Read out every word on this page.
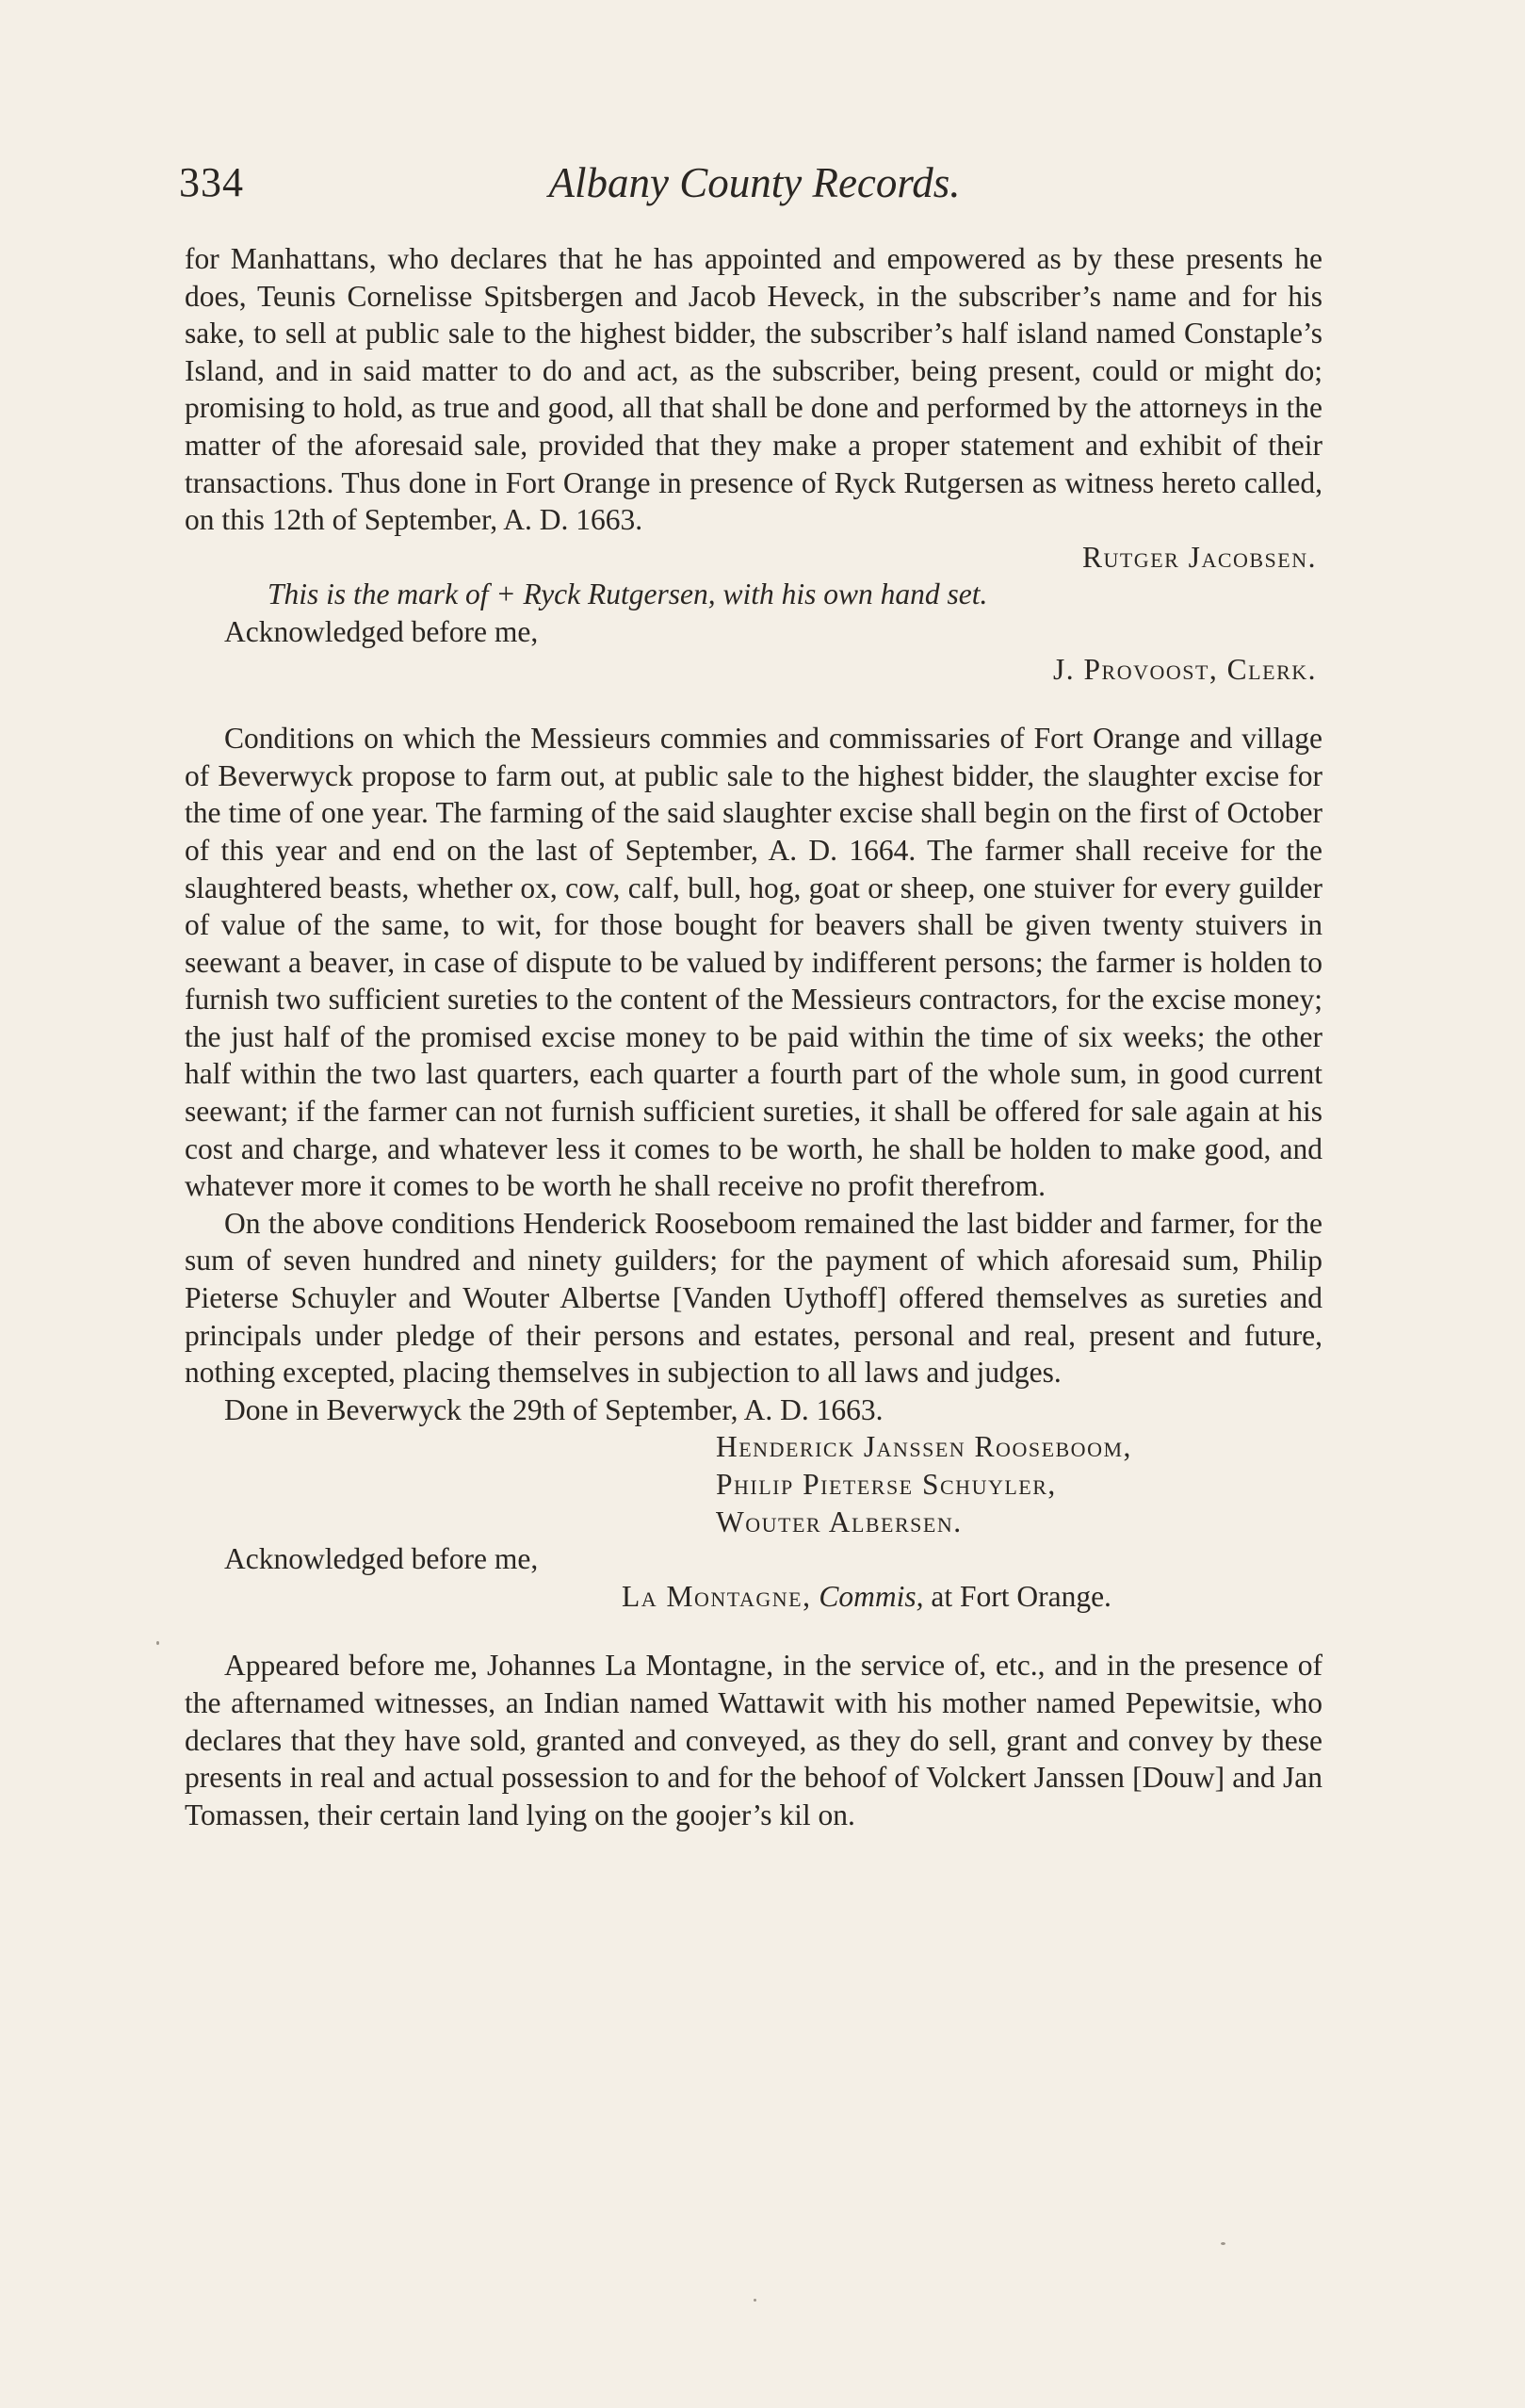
334	Albany County Records.

for Manhattans, who declares that he has appointed and empowered as by these presents he does, Teunis Cornelisse Spitsbergen and Jacob Heveck, in the subscriber’s name and for his sake, to sell at public sale to the highest bidder, the subscriber’s half island named Constaple’s Island, and in said matter to do and act, as the subscriber, being present, could or might do; promising to hold, as true and good, all that shall be done and performed by the attorneys in the matter of the aforesaid sale, provided that they make a proper statement and exhibit of their transactions. Thus done in Fort Orange in presence of Ryck Rutgersen as witness hereto called, on this 12th of September, A. D. 1663.

Rutger Jacobsen.

This is the mark of + Ryck Rutgersen, with his own hand set.

Acknowledged before me,

J. Provoost, Clerk.

Conditions on which the Messieurs commies and commissaries of Fort Orange and village of Beverwyck propose to farm out, at public sale to the highest bidder, the slaughter excise for the time of one year. The farming of the said slaughter excise shall begin on the first of October of this year and end on the last of September, A. D. 1664. The farmer shall receive for the slaughtered beasts, whether ox, cow, calf, bull, hog, goat or sheep, one stuiver for every guilder of value of the same, to wit, for those bought for beavers shall be given twenty stuivers in seewant a beaver, in case of dispute to be valued by indifferent persons; the farmer is holden to furnish two sufficient sureties to the content of the Messieurs contractors, for the excise money; the just half of the promised excise money to be paid within the time of six weeks; the other half within the two last quarters, each quarter a fourth part of the whole sum, in good current seewant; if the farmer can not furnish sufficient sureties, it shall be offered for sale again at his cost and charge, and whatever less it comes to be worth, he shall be holden to make good, and whatever more it comes to be worth he shall receive no profit therefrom.

On the above conditions Henderick Rooseboom remained the last bidder and farmer, for the sum of seven hundred and ninety guilders; for the payment of which aforesaid sum, Philip Pieterse Schuyler and Wouter Albertse [Vanden Uythoff] offered themselves as sureties and principals under pledge of their persons and estates, personal and real, present and future, nothing excepted, placing themselves in subjection to all laws and judges.

Done in Beverwyck the 29th of September, A. D. 1663.

Henderick Janssen Rooseboom,

Philip Pieterse Schuyler,

Wouter Albersen.

Acknowledged before me,

La Montagne, Commis, at Fort Orange.

Appeared before me, Johannes La Montagne, in the service of, etc., and in the presence of the afternamed witnesses, an Indian named Wattawit with his mother named Pepewitsie, who declares that they have sold, granted and conveyed, as they do sell, grant and convey by these presents in real and actual possession to and for the behoof of Volckert Janssen [Douw] and Jan Tomassen, their certain land lying on the goojer’s kil on.
